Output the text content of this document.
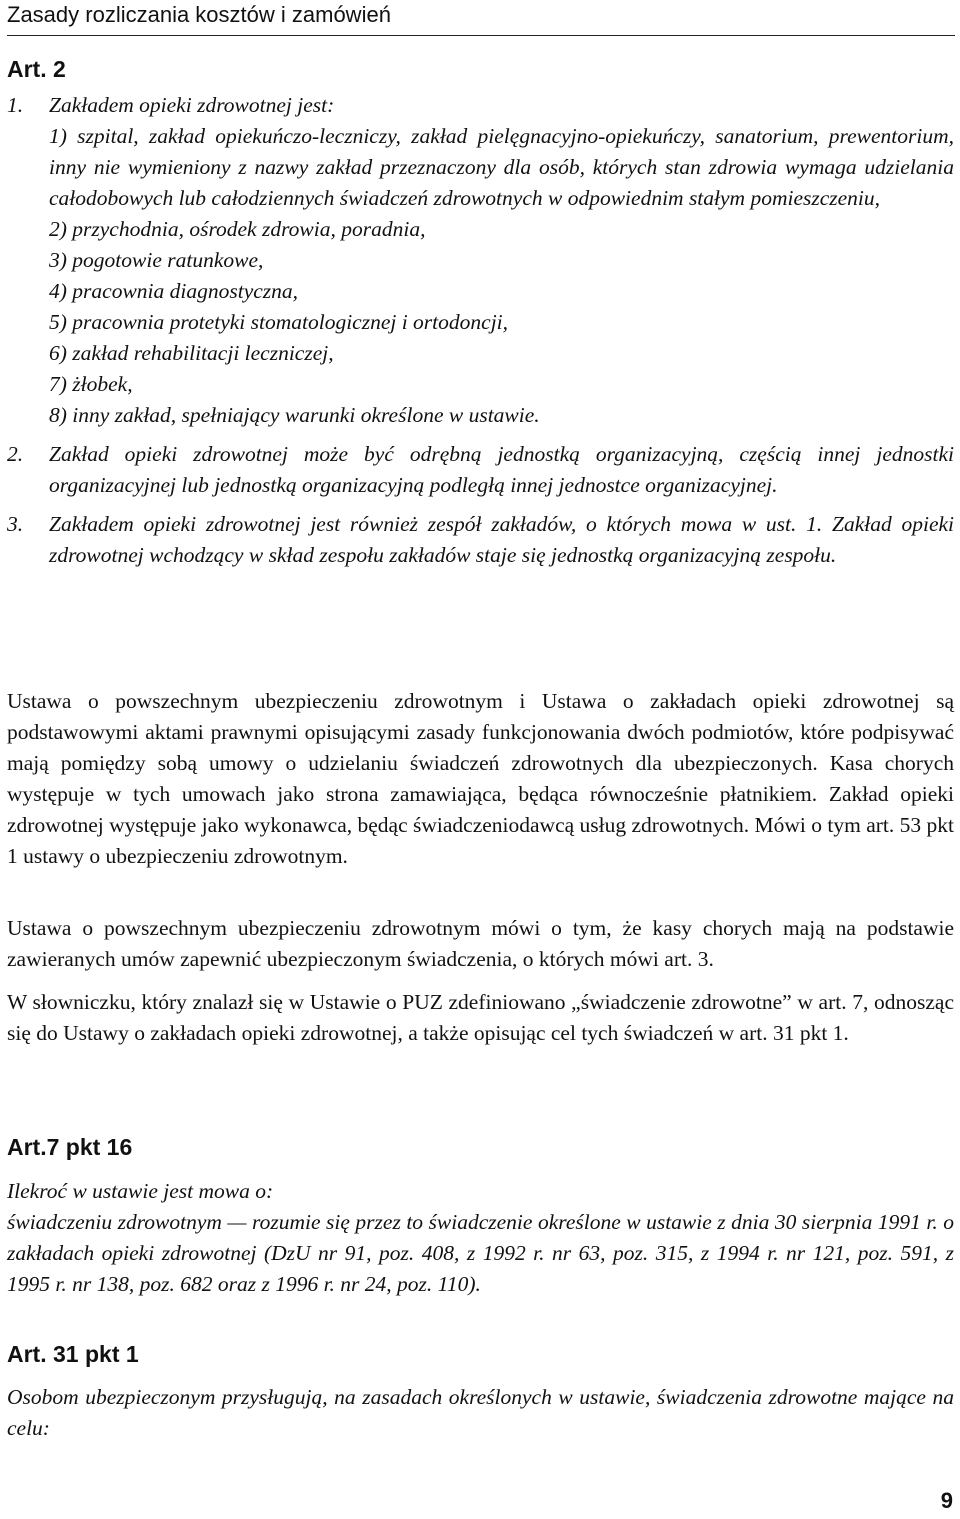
Zasady rozliczania kosztów i zamówień
Art. 2

1. Zakładem opieki zdrowotnej jest:

1) szpital, zakład opiekuńczo-leczniczy, zakład pielęgnacyjno-opiekuńczy, sanatorium, prewentorium, inny nie wymieniony z nazwy zakład przeznaczony dla osób, których stan zdrowia wymaga udzielania całodobowych lub całodziennych świadczeń zdrowotnych w odpowiednim stałym pomieszczeniu,
2) przychodnia, ośrodek zdrowia, poradnia,
3) pogotowie ratunkowe,
4) pracownia diagnostyczna,
5) pracownia protetyki stomatologicznej i ortodoncji,
6) zakład rehabilitacji leczniczej,
7) żłobek,
8) inny zakład, spełniający warunki określone w ustawie.

2. Zakład opieki zdrowotnej może być odrębną jednostką organizacyjną, częścią innej jednostki organizacyjnej lub jednostką organizacyjną podległą innej jednostce organizacyjnej.

3. Zakładem opieki zdrowotnej jest również zespół zakładów, o których mowa w ust. 1. Zakład opieki zdrowotnej wchodzący w skład zespołu zakładów staje się jednostką organizacyjną zespołu.

Ustawa o powszechnym ubezpieczeniu zdrowotnym i Ustawa o zakładach opieki zdrowotnej są podstawowymi aktami prawnymi opisującymi zasady funkcjonowania dwóch podmiotów, które podpisywać mają pomiędzy sobą umowy o udzielaniu świadczeń zdrowotnych dla ubezpieczonych. Kasa chorych występuje w tych umowach jako strona zamawiająca, będąca równocześnie płatnikiem. Zakład opieki zdrowotnej występuje jako wykonawca, będąc świadczeniodawcą usług zdrowotnych. Mówi o tym art. 53 pkt 1 ustawy o ubezpieczeniu zdrowotnym.

Ustawa o powszechnym ubezpieczeniu zdrowotnym mówi o tym, że kasy chorych mają na podstawie zawieranych umów zapewnić ubezpieczonym świadczenia, o których mówi art. 3.

W słowniczku, który znalazł się w Ustawie o PUZ zdefiniowano „świadczenie zdrowotne” w art. 7, odnosząc się do Ustawy o zakładach opieki zdrowotnej, a także opisując cel tych świadczeń w art. 31 pkt 1.

Art.7 pkt 16

Ilekroć w ustawie jest mowa o:

świadczeniu zdrowotnym — rozumie się przez to świadczenie określone w ustawie z dnia 30 sierpnia 1991 r. o zakładach opieki zdrowotnej (DzU nr 91, poz. 408, z 1992 r. nr 63, poz. 315, z 1994 r. nr 121, poz. 591, z 1995 r. nr 138, poz. 682 oraz z 1996 r. nr 24, poz. 110).

Art. 31 pkt 1

Osobom ubezpieczonym przysługują, na zasadach określonych w ustawie, świadczenia zdrowotne mające na celu:

9
